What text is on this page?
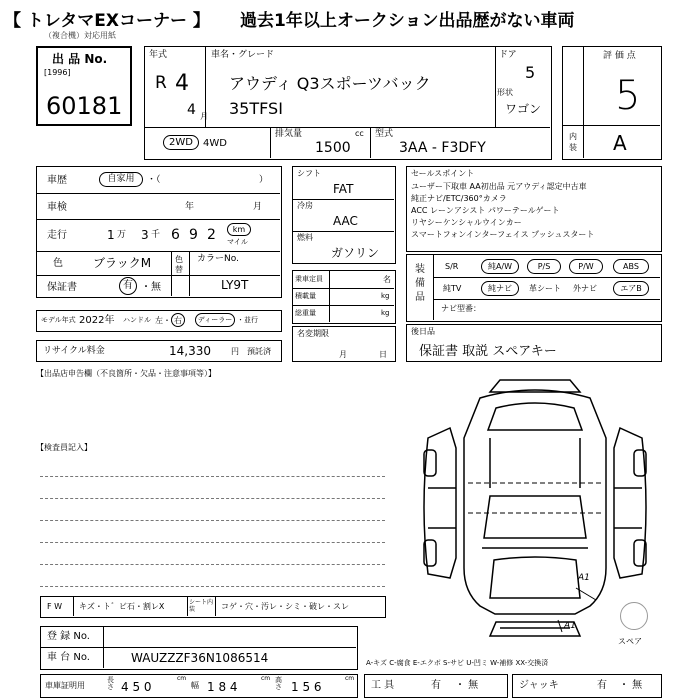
【 トレタマEXコーナー 】 過去1年以上オークション出品歴がない車両
（複合機）対応用紙
出 品 No.
[1996]
60181
年式
R 4
4 月
車名・グレード
アウディ Q3スポーツバック
35TFSI
ドア
5
形状
ワゴン
2WD	4WD
排気量	cc
1500
型式
3AA - F3DFY
評 価 点
5
内装 A
車歴	自家用	・（	）
車検	年	月
走行	1 万 3 千 6 9 2	km
マイル
色	ブラックM	色替
カラーNo.
LY9T
保証書	有 ・無
モデル年式 2022年 ハンドル 左・ 右	ディーラー ・並行
リサイクル料金	14,330	円 預託済
シフト
FAT
冷房
AAC
燃料
ガソリン
乗車定員	名
積載量	kg
総重量	kg
名変期限
月	日
セールスポイント
ユーザー下取車 AA初出品 元アウディ認定中古車
純正ナビ/ETC/360°カメラ
ACC レーンアシスト パワーテールゲート
リヤシーケンシャルウインカー
スマートフォンインターフェイス プッシュスタート
装備品
S/R	純A/W	P/S	P/W	ABS
純TV	純ナビ	革シート 外ナビ	エアB
ナビ型番：
後日品
保証書 取説 スペアキー
【出品店申告欄（不良箇所・欠品・注意事項等）】
【検査員記入】
A1
A1
スペア
F W キズ・ト゛ビ石・割レX	シート内装	コゲ・穴・汚レ・シミ・破レ・スレ
登 録 No.
車 台 No.	WAUZZZF36N1086514	A-キズ C-腐食 E-エクボ S-サビ U-凹ミ W-補修 XX-交換済
車庫証明用
長さ 4 5 0
cm
幅 1 8 4
cm 高さ 1 5 6
cm
工 具	有 ・ 無	ジャッキ	有 ・ 無
